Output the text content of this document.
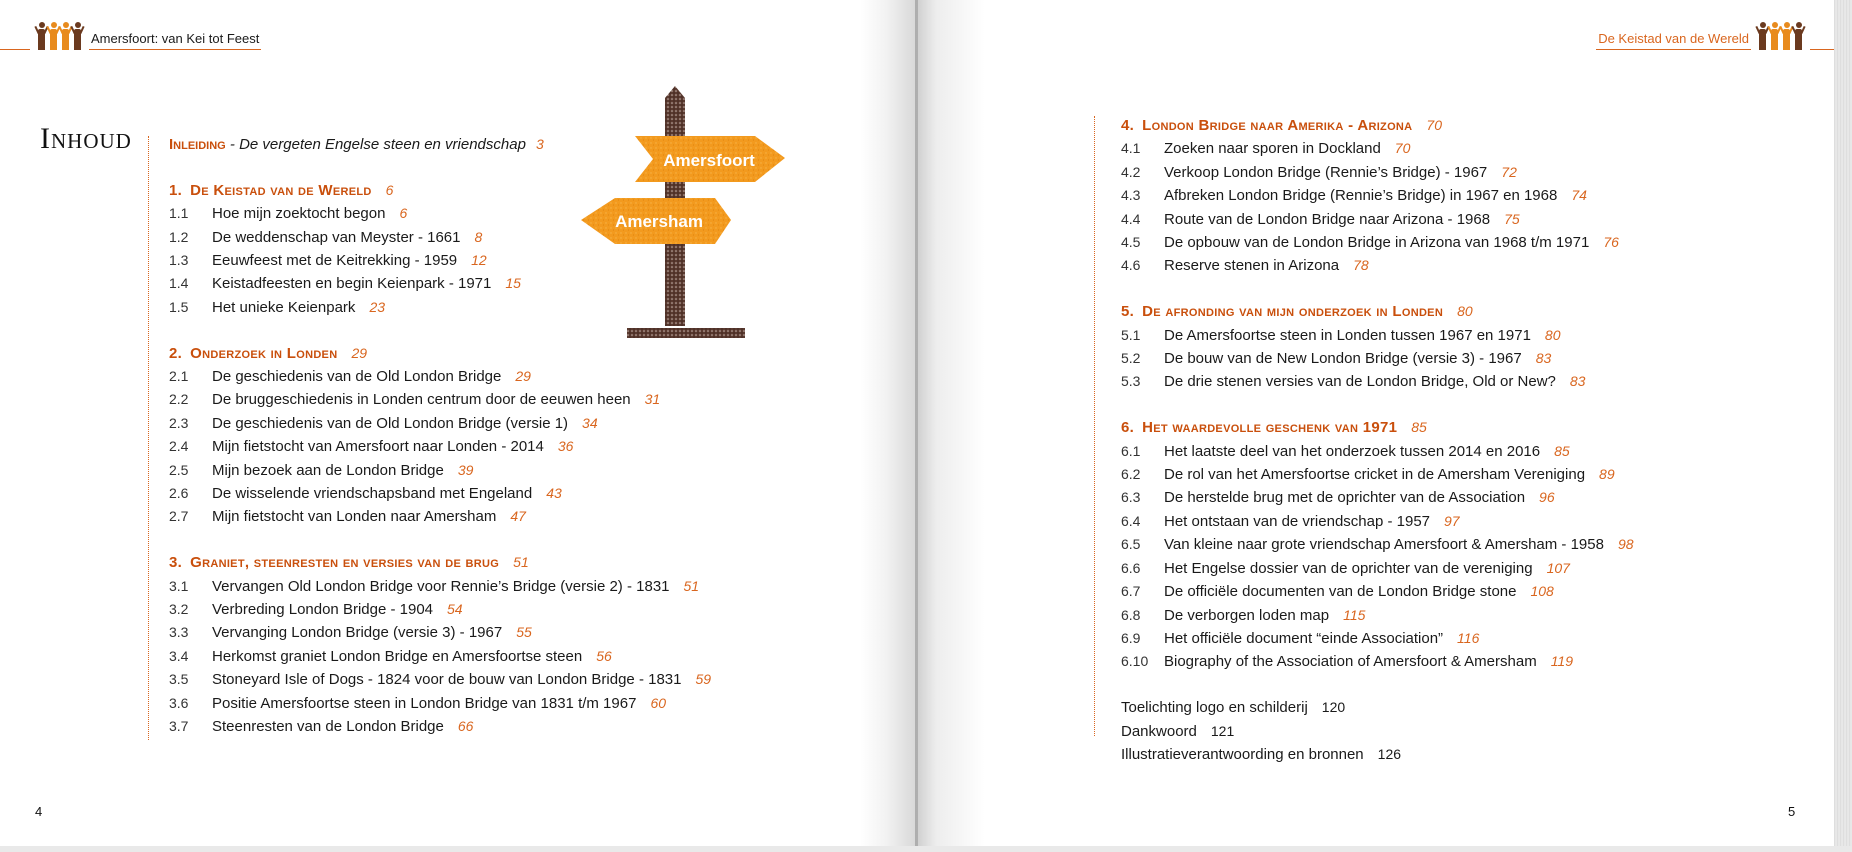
Amersfoort: van Kei tot Feest
Inhoud Inleiding - De vergeten Engelse steen en vriendschap 3
1. De Keistad van de Wereld 6
1.1	Hoe mijn zoektocht begon 6
1.2	De weddenschap van Meyster - 1661 8
1.3	Eeuwfeest met de Keitrekking - 1959 12
1.4	Keistadfeesten en begin Keienpark - 1971 15
1.5	Het unieke Keienpark 23
2. Onderzoek in Londen 29
2.1	De geschiedenis van de Old London Bridge 29
2.2	De bruggeschiedenis in Londen centrum door de eeuwen heen 31
2.3	De geschiedenis van de Old London Bridge (versie 1) 34
2.4	Mijn fietstocht van Amersfoort naar Londen - 2014 36
2.5	Mijn bezoek aan de London Bridge 39
2.6	De wisselende vriendschapsband met Engeland 43
2.7	Mijn fietstocht van Londen naar Amersham 47
3. Graniet, steenresten en versies van de brug 51
3.1	Vervangen Old London Bridge voor Rennie’s Bridge (versie 2) - 1831 51
3.2	Verbreding London Bridge - 1904 54
3.3	Vervanging London Bridge (versie 3) - 1967 55
3.4	Herkomst graniet London Bridge en Amersfoortse steen 56
3.5	Stoneyard Isle of Dogs - 1824 voor de bouw van London Bridge - 1831 59
3.6	Positie Amersfoortse steen in London Bridge van 1831 t/m 1967 60
3.7	Steenresten van de London Bridge 66
Amersfoort
Amersham
4
De Keistad van de Wereld
4. London Bridge naar Amerika - Arizona 70
4.1	Zoeken naar sporen in Dockland 70
4.2	Verkoop London Bridge (Rennie’s Bridge) - 1967 72
4.3	Afbreken London Bridge (Rennie’s Bridge) in 1967 en 1968 74
4.4	Route van de London Bridge naar Arizona - 1968 75
4.5	De opbouw van de London Bridge in Arizona van 1968 t/m 1971 76
4.6	Reserve stenen in Arizona 78
5. De afronding van mijn onderzoek in Londen 80
5.1	De Amersfoortse steen in Londen tussen 1967 en 1971 80
5.2	De bouw van de New London Bridge (versie 3) - 1967 83
5.3	De drie stenen versies van de London Bridge, Old or New? 83
6. Het waardevolle geschenk van 1971 85
6.1	Het laatste deel van het onderzoek tussen 2014 en 2016 85
6.2	De rol van het Amersfoortse cricket in de Amersham Vereniging 89
6.3	De herstelde brug met de oprichter van de Association 96
6.4	Het ontstaan van de vriendschap - 1957 97
6.5	Van kleine naar grote vriendschap Amersfoort & Amersham - 1958 98
6.6	Het Engelse dossier van de oprichter van de vereniging 107
6.7	De officiële documenten van de London Bridge stone 108
6.8	De verborgen loden map 115
6.9	Het officiële document “einde Association” 116
6.10	Biography of the Association of Amersfoort & Amersham 119
Toelichting logo en schilderij 120
Dankwoord 121
Illustratieverantwoording en bronnen 126
5
